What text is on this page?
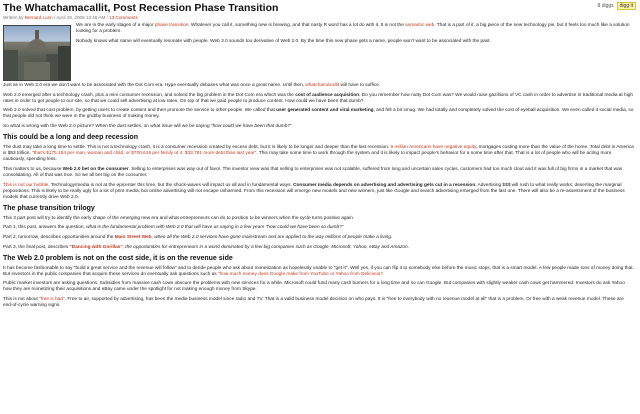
8 diggs	digg it
The Whatchamacallit, Post Recession Phase Transition
Written by Bernard Lunn / April 26, 2008 12:48 AM / 13 Comments

We are in the early stages of a major phase transition. Whatever you call it, something new is brewing, and that nasty R word has a lot do with it. It is not the semantic web. That is a part of it, a big piece of the new technology pie, but it feels too much like a solution looking for a problem.

Nobody knows what name will eventually resonate with people. Web 3.0 sounds too derivative of Web 2.0. By the time this new phase gets a name, people won't want to be associated with the past.

Just as in Web 2.0 era we don't want to be associated with the Dot Com era. Hype eventually debases what was once a great name. Until then, whatchamacallit will have to suffice.

Web 2.0 emerged after a technology crash, plus a mini consumer recession, and solved the big problem in the Dot Com era which was the cost of audience acquisition. Do you remember how nutty Dot Com was? We would raise gazillions of VC cash in order to advertise in traditional media at high rates in order to get people to our site, so that we could sell advertising at low rates. On top of that we paid people to produce content. How could we have been that dumb?

Web 2.0 solved that cost problem, by getting users to create content and then promote the service to other people. We called that user generated content and viral marketing, and felt a bit smug. We had totally and completely solved the cost of eyeball acquisition. We even called it social media, so that people did not think we were in the grubby business of making money.

So what is wrong with the Web 2.0 picture? When the dust settles, on what issue will we be saying "how could we have been that dumb?"

This could be a long and deep recession

The dust may take a long time to settle. This is not a technology crash, it is a consumer recession created by excess debt, but it is likely to be longer and deeper than the last recession. 9 million Americans have negative equity, mortgages costing more than the value of the home. Total debt in America is $53 trillion, "that's $175,154 per man, woman and child, or $700,616 per family of 4. $33,781 more debt than last year". This may take some time to work through the system and it is likely to impact people's behavior for a some time after that. That is a lot of people who will be acting more cautiously, spending less.

This matters to us, because Web 2.0 bet on the consumer. Selling to enterprises was way out of favor. The investor view was that selling to enterprises was not scalable, suffered from long and uncertain sales cycles, customers had too much clout and it was full of big firms in a market that was consolidating. All of that was true. So we all bet big on the consumer.

This is not our bubble. Technology/media is not at the epicenter this time, but the shock-waves will impact us all and in fundamental ways. Consumer media depends on advertising and advertising gets cut in a recession. Advertising $$$ will rush to what really works; deserting the marginal propositions. This is likely to be really ugly for a lot of print media; but online advertising will not escape unharmed. From this recession will emerge new models and new winners, just like Google and search advertising emerged from the last one. There will also be a re-assessment of the business models that currently drive Web 2.0.

The phase transition trilogy

This 3 part post will try to identify the early shape of the emerging new era and what entrepreneurs can do to position to be winners when the cycle turns positive again.

Part 1, this post, answers the question, what is the fundamental problem with Web 2.0 that will have us saying in a few years "how could we have been so dumb?"

Part 2, tomorrow, describes opportunities around the Main Street Web, when all the Web 2.0 services have gone mainstream and are applied to the way millions of people make a living.

Part 3, the final post, describes "Dancing with Gorillas", the opportunities for entrepreneurs in a world dominated by a few big companies such as Google, Microsoft, Yahoo, eBay and Amazon.

The Web 2.0 problem is not on the cost side, it is on the revenue side

It has become fashionable to say "build a great service and the revenue will follow" and to deride people who ask about monetization as hopelessly unable to "get it". Well yes, if you can flip it to somebody else before the music stops, that is a smart model. A few people made tons of money doing that. But investors in the public companies that acquire these services do eventually ask questions such as "how much money does Google make from YouTube or Yahoo from Delicious?

Public market investors are asking questions. Subsidies from massive cash cows obscure the problems with new services for a while. Microsoft could fund many cash burners for a long time and so can Google. But companies with slightly weaker cash cows get hammered. Investors do ask Yahoo how they are monetizing their acquisitions and eBay came under the spotlight for not making enough money from Skype.

This is not about "free is bad". Free to air, supported by advertising, has been the media business model since radio and TV. That is a valid business model decision on who pays. It is "free to everybody with no revenue model at all" that is a problem. Or free with a weak revenue model. These are end-of-cycle warning signs.
